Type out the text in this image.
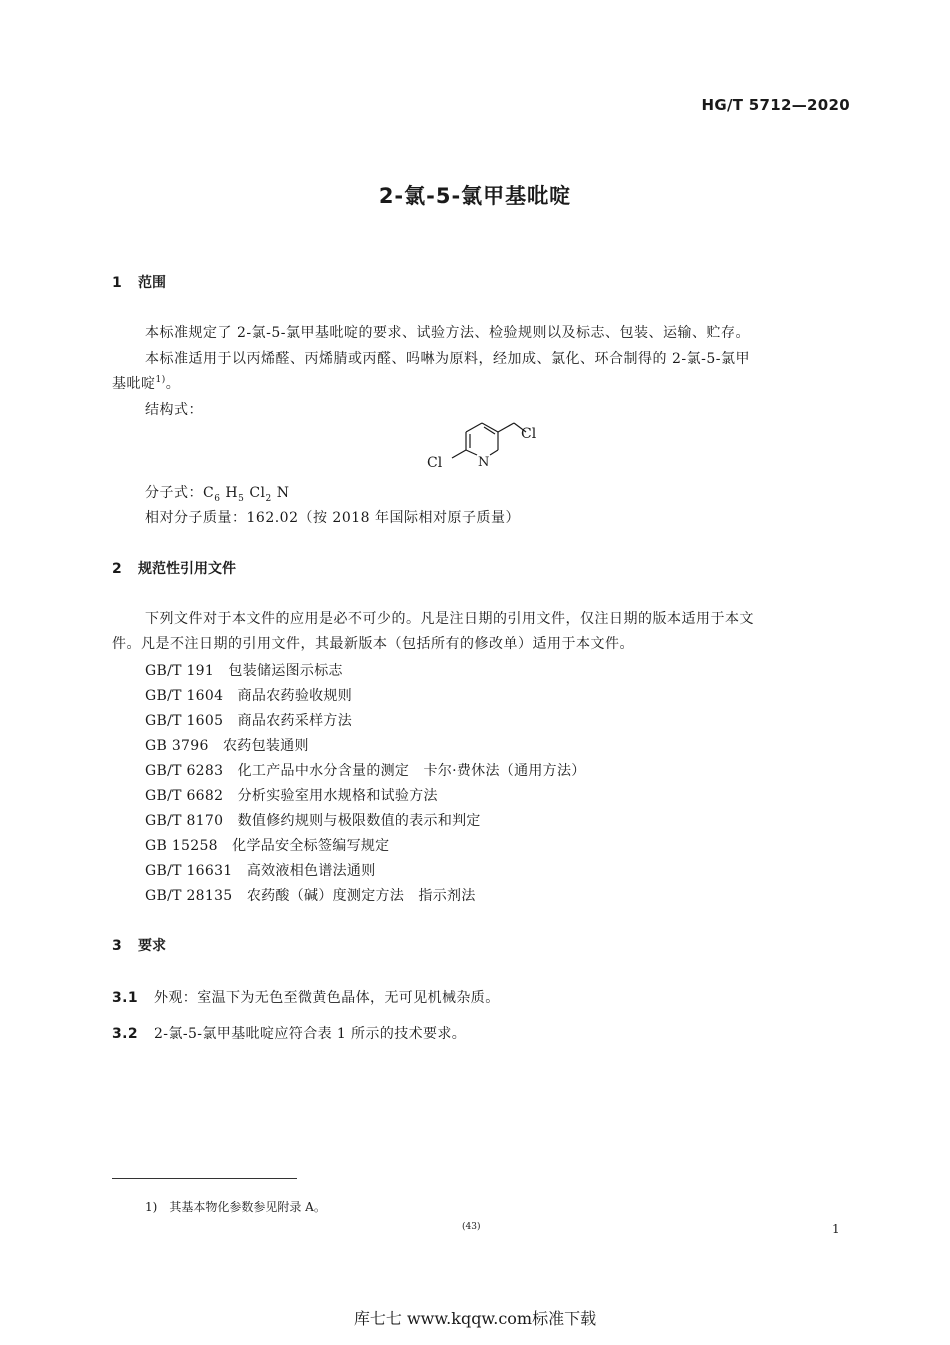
HG/T 5712—2020
2-氯-5-氯甲基吡啶
1 范围
本标准规定了 2-氯-5-氯甲基吡啶的要求、试验方法、检验规则以及标志、包装、运输、贮存。
本标准适用于以丙烯醛、丙烯腈或丙醛、吗啉为原料，经加成、氯化、环合制得的 2-氯-5-氯甲
基吡啶$^{1)}$。
结构式：
Cl	N
Cl
分子式：$C_6$ $H_5$ $Cl_2$ N
相对分子质量：162.02（按 2018 年国际相对原子质量）
2 规范性引用文件
下列文件对于本文件的应用是必不可少的。凡是注日期的引用文件，仅注日期的版本适用于本文
件。凡是不注日期的引用文件，其最新版本（包括所有的修改单）适用于本文件。
GB/T 191　 包装储运图示标志
GB/T 1604　 商品农药验收规则
GB/T 1605　 商品农药采样方法
GB 3796　 农药包装通则
GB/T 6283　 化工产品中水分含量的测定　卡尔·费休法（通用方法）
GB/T 6682　 分析实验室用水规格和试验方法
GB/T 8170　 数值修约规则与极限数值的表示和判定
GB 15258　 化学品安全标签编写规定
GB/T 16631　 高效液相色谱法通则
GB/T 28135　 农药酸（碱）度测定方法　指示剂法
3 要求
3.1 外观：室温下为无色至微黄色晶体，无可见机械杂质。
3.2 2-氯-5-氯甲基吡啶应符合表 1 所示的技术要求。
1)　 其基本物化参数参见附录 A。
(43)	1
库七七 www.kqqw.com标准下载
